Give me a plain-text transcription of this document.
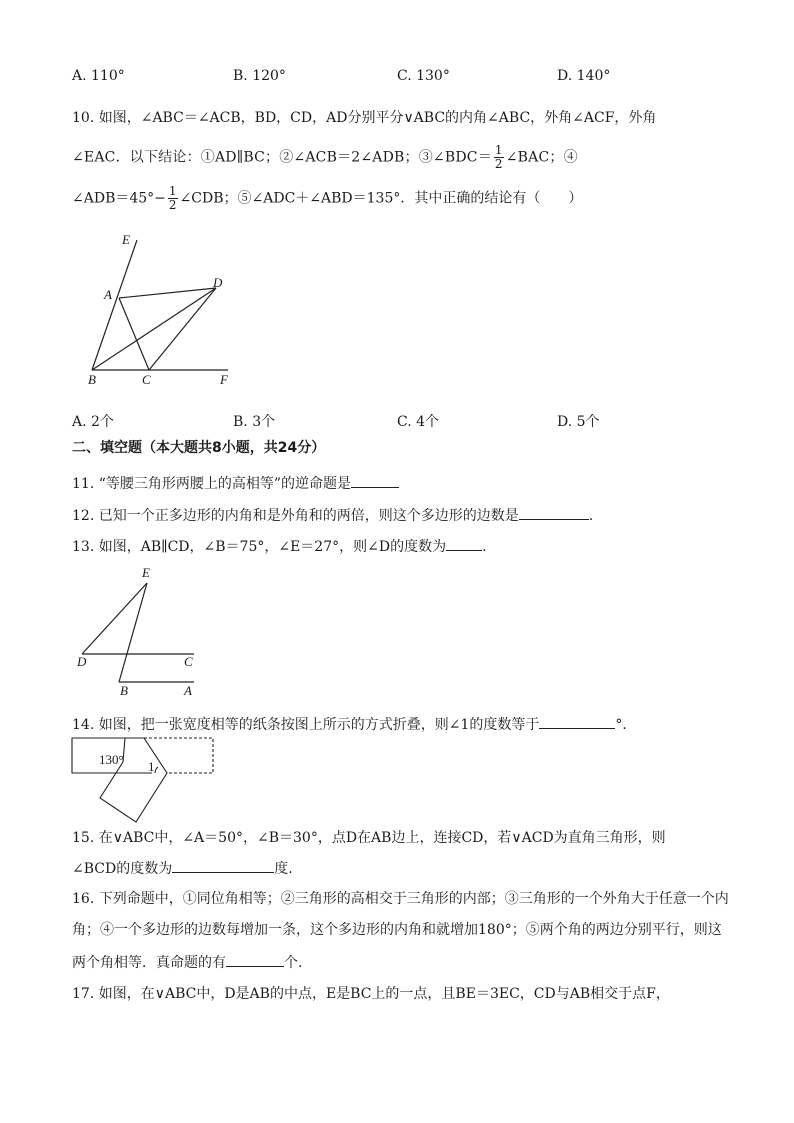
A. 110°	B. 120°	C. 130°	D. 140°
10. 如图，∠ABC＝∠ACB，BD，CD，AD分别平分∨ABC的内角∠ABC，外角∠ACF，外角
∠EAC．以下结论：①AD∥BC；②∠ACB＝2∠ADB；③∠BDC＝ $\frac{1}{2}$ ∠BAC；④
∠ADB＝45°− $\frac{1}{2}$ ∠CDB；⑤∠ADC＋∠ABD＝135°．其中正确的结论有（　　）
E
A
D
B	C	F
A. 2个	B. 3个	C. 4个	D. 5个
二、填空题（本大题共8小题，共24分）
11. “等腰三角形两腰上的高相等”的逆命题是
12. 已知一个正多边形的内角和是外角和的两倍，则这个多边形的边数是	.
13. 如图，AB∥CD，∠B＝75°，∠E＝27°，则∠D的度数为	.
E
D	C
B	A
14. 如图，把一张宽度相等的纸条按图上所示的方式折叠，则∠1的度数等于	°．
130° 1
15. 在∨ABC中，∠A＝50°，∠B＝30°，点D在AB边上，连接CD，若∨ACD为直角三角形，则
∠BCD的度数为	度.
16. 下列命题中，①同位角相等；②三角形的高相交于三角形的内部；③三角形的一个外角大于任意一个内
角；④一个多边形的边数每增加一条，这个多边形的内角和就增加180°；⑤两个角的两边分别平行，则这
两个角相等．真命题的有	个.
17. 如图，在∨ABC中，D是AB的中点，E是BC上的一点，且BE＝3EC，CD与AB相交于点F，
